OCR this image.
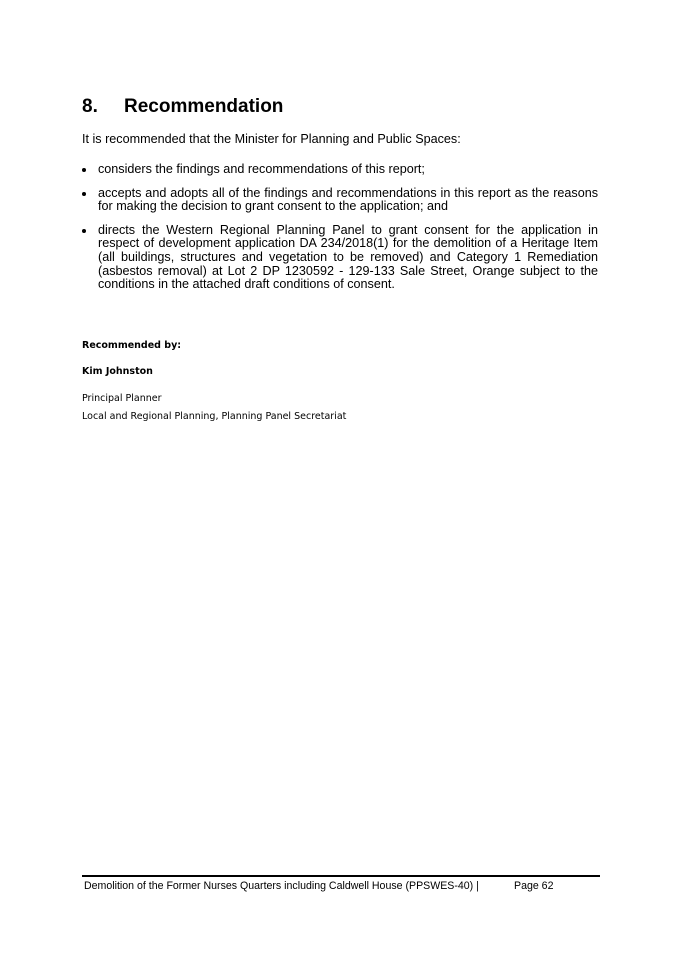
8. Recommendation
It is recommended that the Minister for Planning and Public Spaces:
considers the findings and recommendations of this report;
accepts and adopts all of the findings and recommendations in this report as the reasons for making the decision to grant consent to the application; and
directs the Western Regional Planning Panel to grant consent for the application in respect of development application DA 234/2018(1) for the demolition of a Heritage Item (all buildings, structures and vegetation to be removed) and Category 1 Remediation (asbestos removal) at Lot 2 DP 1230592 - 129-133 Sale Street, Orange subject to the conditions in the attached draft conditions of consent.
Recommended by:
Kim Johnston
Principal Planner
Local and Regional Planning, Planning Panel Secretariat
Demolition of the Former Nurses Quarters including Caldwell House (PPSWES-40) |	Page 62
